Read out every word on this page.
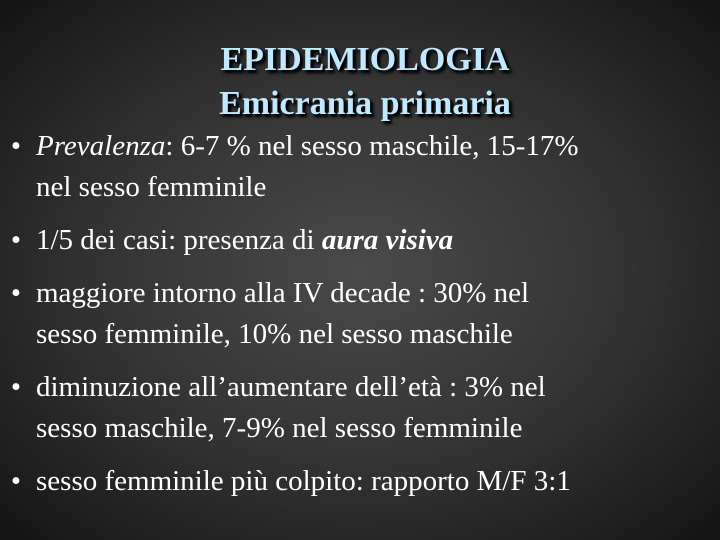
EPIDEMIOLOGIA
Emicrania primaria
• Prevalenza: 6-7 % nel sesso maschile, 15-17%
nel sesso femminile
• 1/5 dei casi: presenza di aura visiva
• maggiore intorno alla IV decade : 30% nel
sesso femminile, 10% nel sesso maschile
• diminuzione all’aumentare dell’età : 3% nel
sesso maschile, 7-9% nel sesso femminile
• sesso femminile più colpito: rapporto M/F 3:1
